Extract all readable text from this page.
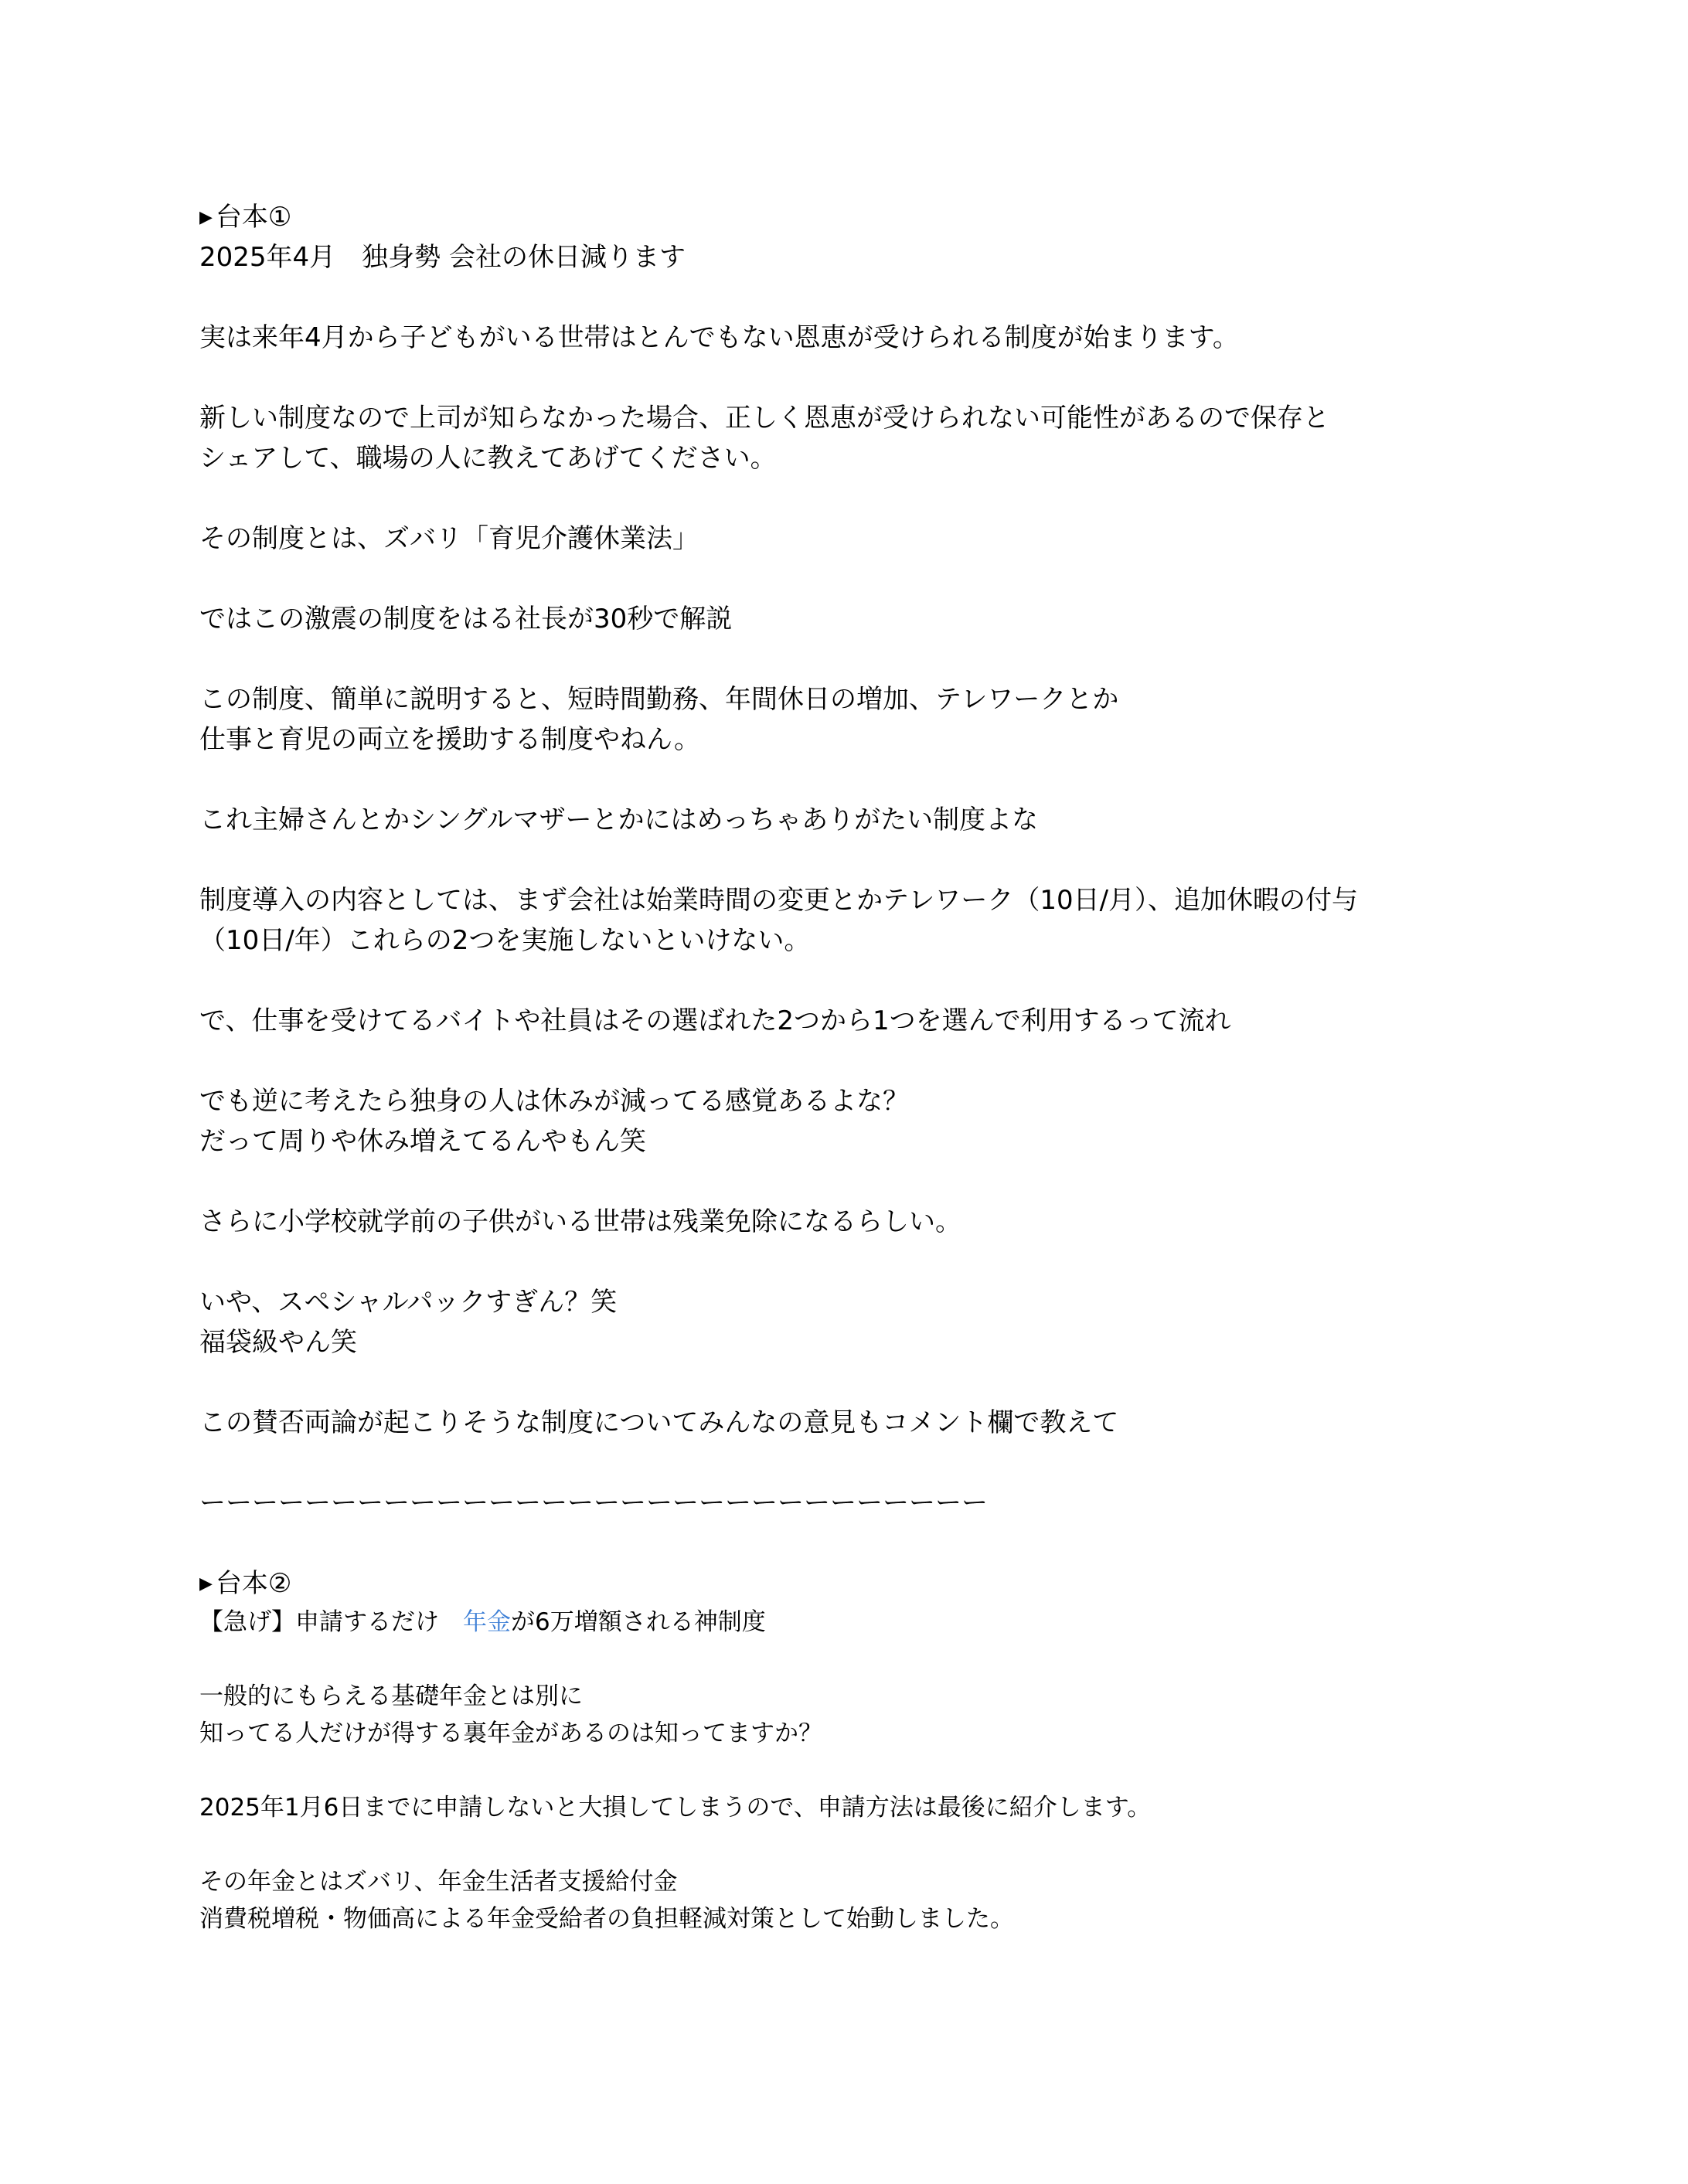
▶ 台本①

2025年4月　独身勢 会社の休日減ります

実は来年4月から子どもがいる世帯はとんでもない恩恵が受けられる制度が始まります。

新しい制度なので上司が知らなかった場合、正しく恩恵が受けられない可能性があるので保存と

シェアして、職場の人に教えてあげてください。

その制度とは、ズバリ「育児介護休業法」

ではこの激震の制度をはる社長が30秒で解説

この制度、簡単に説明すると、短時間勤務、年間休日の増加、テレワークとか

仕事と育児の両立を援助する制度やねん。

これ主婦さんとかシングルマザーとかにはめっちゃありがたい制度よな

制度導入の内容としては、まず会社は始業時間の変更とかテレワーク（10日/月）、追加休暇の付与

（10日/年）これらの2つを実施しないといけない。

で、仕事を受けてるバイトや社員はその選ばれた2つから1つを選んで利用するって流れ

でも逆に考えたら独身の人は休みが減ってる感覚あるよな？

だって周りや休み増えてるんやもん笑

さらに小学校就学前の子供がいる世帯は残業免除になるらしい。

いや、スペシャルパックすぎん？笑

福袋級やん笑

この賛否両論が起こりそうな制度についてみんなの意見もコメント欄で教えて

ーーーーーーーーーーーーーーーーーーーーーーーーーーーーーー

▶ 台本②

【急げ】申請するだけ　年金が6万増額される神制度

一般的にもらえる基礎年金とは別に

知ってる人だけが得する裏年金があるのは知ってますか？

2025年1月6日までに申請しないと大損してしまうので、申請方法は最後に紹介します。

その年金とはズバリ、年金生活者支援給付金

消費税増税・物価高による年金受給者の負担軽減対策として始動しました。
